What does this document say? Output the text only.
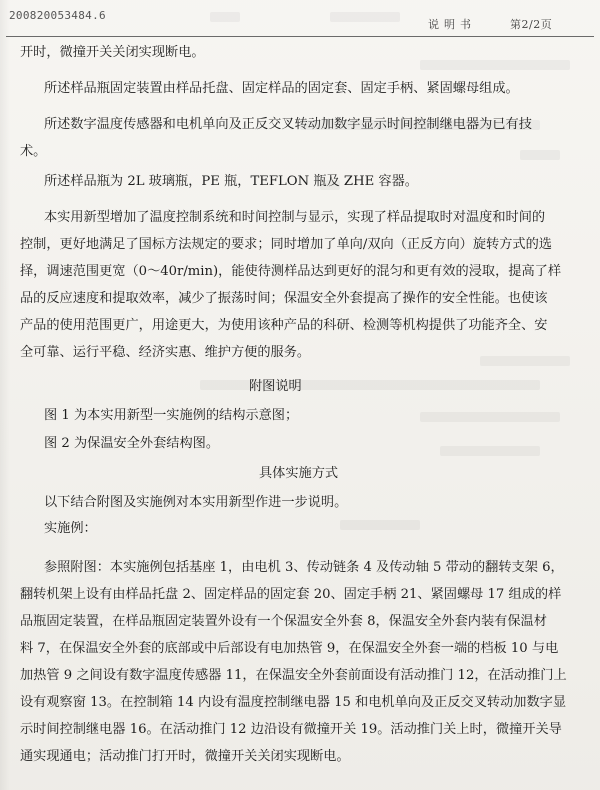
200820053484.6
说明书	第2/2页
开时，微撞开关关闭实现断电。
所述样品瓶固定装置由样品托盘、固定样品的固定套、固定手柄、紧固螺母组成。
所述数字温度传感器和电机单向及正反交叉转动加数字显示时间控制继电器为已有技
术。
所述样品瓶为 2L 玻璃瓶，PE 瓶，TEFLON 瓶及 ZHE 容器。
本实用新型增加了温度控制系统和时间控制与显示，实现了样品提取时对温度和时间的
控制，更好地满足了国标方法规定的要求；同时增加了单向/双向（正反方向）旋转方式的选
择，调速范围更宽（0～40r/min)，能使待测样品达到更好的混匀和更有效的浸取，提高了样
品的反应速度和提取效率，减少了振荡时间；保温安全外套提高了操作的安全性能。也使该
产品的使用范围更广，用途更大，为使用该种产品的科研、检测等机构提供了功能齐全、安
全可靠、运行平稳、经济实惠、维护方便的服务。
附图说明
图 1 为本实用新型一实施例的结构示意图；
图 2 为保温安全外套结构图。
具体实施方式
以下结合附图及实施例对本实用新型作进一步说明。
实施例：
参照附图：本实施例包括基座 1，由电机 3、传动链条 4 及传动轴 5 带动的翻转支架 6，
翻转机架上设有由样品托盘 2、固定样品的固定套 20、固定手柄 21、紧固螺母 17 组成的样
品瓶固定装置，在样品瓶固定装置外设有一个保温安全外套 8，保温安全外套内装有保温材
料 7，在保温安全外套的底部或中后部设有电加热管 9，在保温安全外套一端的档板 10 与电
加热管 9 之间设有数字温度传感器 11，在保温安全外套前面设有活动推门 12，在活动推门上
设有观察窗 13。在控制箱 14 内设有温度控制继电器 15 和电机单向及正反交叉转动加数字显
示时间控制继电器 16。在活动推门 12 边沿设有微撞开关 19。活动推门关上时，微撞开关导
通实现通电；活动推门打开时，微撞开关关闭实现断电。
